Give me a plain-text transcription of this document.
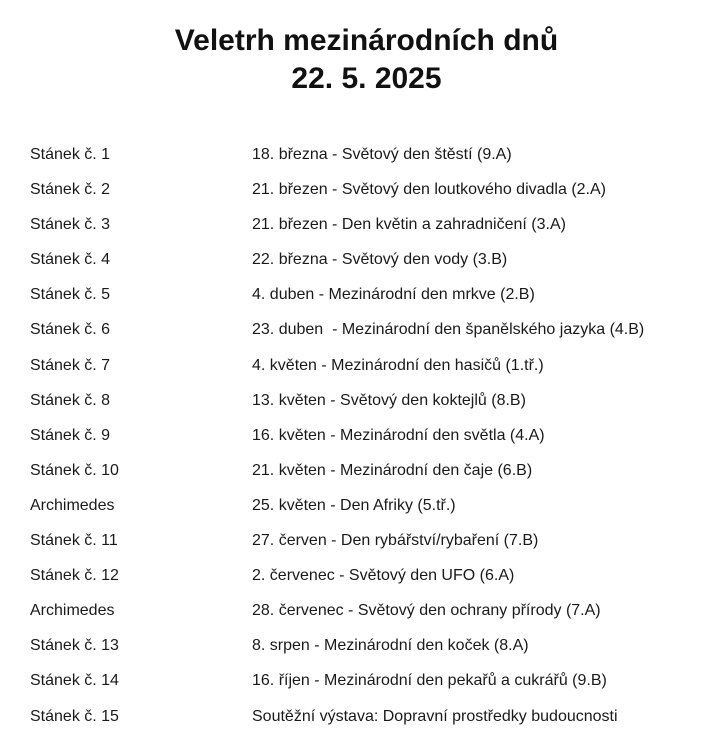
Veletrh mezinárodních dnů
22. 5. 2025
Stánek č. 1	18. března - Světový den štěstí (9.A)
Stánek č. 2	21. březen - Světový den loutkového divadla (2.A)
Stánek č. 3	21. březen - Den květin a zahradničení (3.A)
Stánek č. 4	22. března - Světový den vody (3.B)
Stánek č. 5	4. duben - Mezinárodní den mrkve (2.B)
Stánek č. 6	23. duben  - Mezinárodní den španělského jazyka (4.B)
Stánek č. 7	4. květen - Mezinárodní den hasičů (1.tř.)
Stánek č. 8	13. květen - Světový den koktejlů (8.B)
Stánek č. 9	16. květen - Mezinárodní den světla (4.A)
Stánek č. 10	21. květen - Mezinárodní den čaje (6.B)
Archimedes	25. květen - Den Afriky (5.tř.)
Stánek č. 11	27. červen - Den rybářství/rybaření (7.B)
Stánek č. 12	2. červenec - Světový den UFO (6.A)
Archimedes	28. červenec - Světový den ochrany přírody (7.A)
Stánek č. 13	8. srpen - Mezinárodní den koček (8.A)
Stánek č. 14	16. říjen - Mezinárodní den pekařů a cukrářů (9.B)
Stánek č. 15	Soutěžní výstava: Dopravní prostředky budoucnosti
